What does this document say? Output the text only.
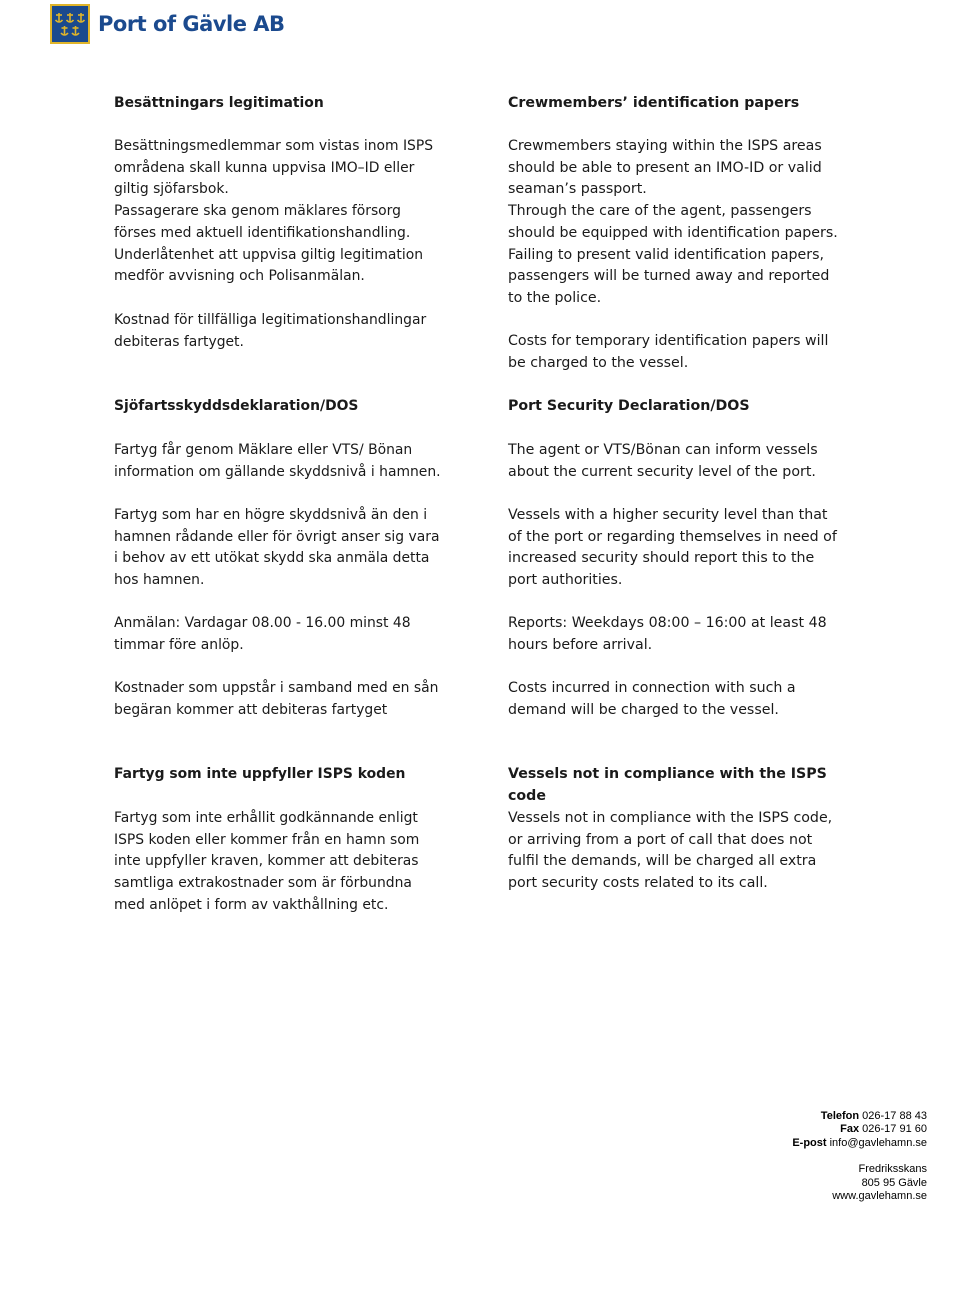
Port of Gävle AB

Besättningars legitimation

Besättningsmedlemmar som vistas inom ISPS
områdena skall kunna uppvisa IMO–ID eller
giltig sjöfarsbok.
Passagerare ska genom mäklares försorg
förses med aktuell identifikationshandling.
Underlåtenhet att uppvisa giltig legitimation
medför avvisning och Polisanmälan.

Kostnad för tillfälliga legitimationshandlingar
debiteras fartyget.

Sjöfartsskyddsdeklaration/DOS

Fartyg får genom Mäklare eller VTS/ Bönan
information om gällande skyddsnivå i hamnen.

Fartyg som har en högre skyddsnivå än den i
hamnen rådande eller för övrigt anser sig vara
i behov av ett utökat skydd ska anmäla detta
hos hamnen.

Anmälan: Vardagar 08.00 - 16.00 minst 48
timmar före anlöp.

Kostnader som uppstår i samband med en sån
begäran kommer att debiteras fartyget

Fartyg som inte uppfyller ISPS koden

Fartyg som inte erhållit godkännande enligt
ISPS koden eller kommer från en hamn som
inte uppfyller kraven, kommer att debiteras
samtliga extrakostnader som är förbundna
med anlöpet i form av vakthållning etc.

Crewmembers’ identification papers

Crewmembers staying within the ISPS areas
should be able to present an IMO-ID or valid
seaman’s passport.
Through the care of the agent, passengers
should be equipped with identification papers.
Failing to present valid identification papers,
passengers will be turned away and reported
to the police.

Costs for temporary identification papers will
be charged to the vessel.

Port Security Declaration/DOS

The agent or VTS/Bönan can inform vessels
about the current security level of the port.

Vessels with a higher security level than that
of the port or regarding themselves in need of
increased security should report this to the
port authorities.

Reports: Weekdays 08:00 – 16:00 at least 48
hours before arrival.

Costs incurred in connection with such a
demand will be charged to the vessel.

Vessels not in compliance with the ISPS code

Vessels not in compliance with the ISPS code,
or arriving from a port of call that does not
fulfil the demands, will be charged all extra
port security costs related to its call.

Telefon 026-17 88 43
Fax 026-17 91 60
E-post info@gavlehamn.se
Fredriksskans
805 95 Gävle
www.gavlehamn.se
